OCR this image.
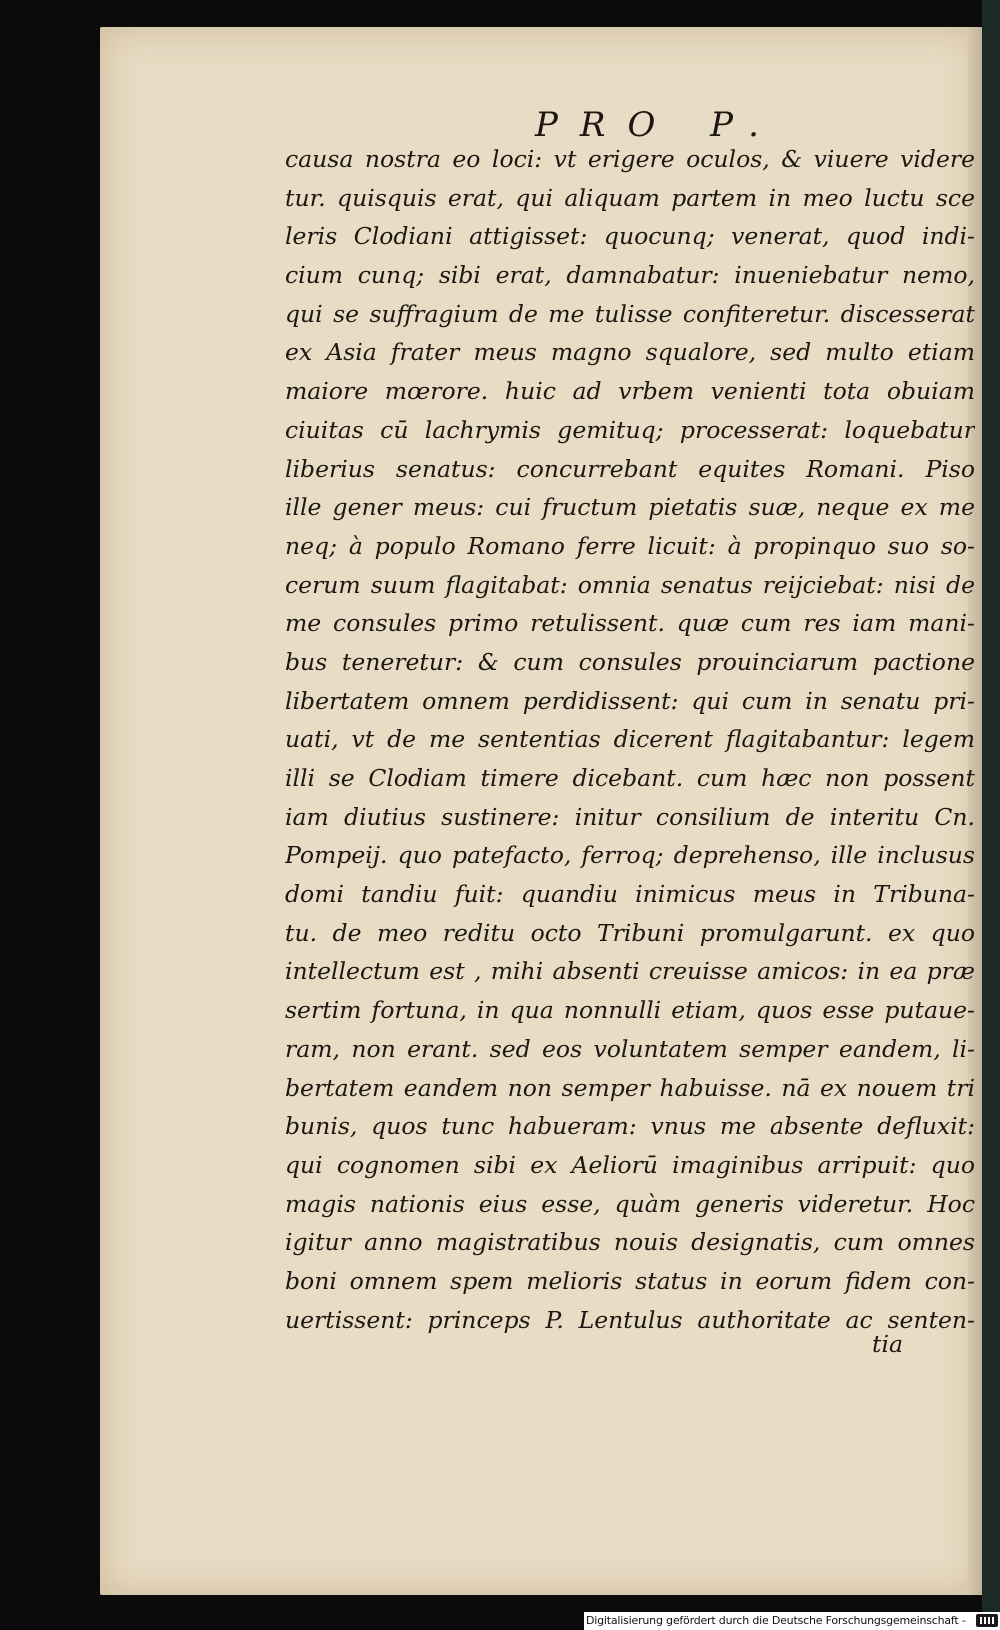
PRO P.
causa nostra eo loci: vt erigere oculos, & viuere videre
tur. quisquis erat, qui aliquam partem in meo luctu sce
leris Clodiani attigisset: quocunq; venerat, quod indi-
cium cunq; sibi erat, damnabatur: inueniebatur nemo,
qui se suffragium de me tulisse confiteretur. discesserat
ex Asia frater meus magno squalore, sed multo etiam
maiore mœrore. huic ad vrbem venienti tota obuiam
ciuitas cū lachrymis gemituq; processerat: loquebatur
liberius senatus: concurrebant equites Romani. Piso
ille gener meus: cui fructum pietatis suæ, neque ex me
neq; à populo Romano ferre licuit: à propinquo suo so-
cerum suum flagitabat: omnia senatus reijciebat: nisi de
me consules primo retulissent. quæ cum res iam mani-
bus teneretur: & cum consules prouinciarum pactione
libertatem omnem perdidissent: qui cum in senatu pri-
uati, vt de me sententias dicerent flagitabantur: legem
illi se Clodiam timere dicebant. cum hæc non possent
iam diutius sustinere: initur consilium de interitu Cn.
Pompeij. quo patefacto, ferroq; deprehenso, ille inclusus
domi tandiu fuit: quandiu inimicus meus in Tribuna-
tu. de meo reditu octo Tribuni promulgarunt. ex quo
intellectum est , mihi absenti creuisse amicos: in ea præ
sertim fortuna, in qua nonnulli etiam, quos esse putaue-
ram, non erant. sed eos voluntatem semper eandem, li-
bertatem eandem non semper habuisse. nā ex nouem tri
bunis, quos tunc habueram: vnus me absente defluxit:
qui cognomen sibi ex Aeliorū imaginibus arripuit: quo
magis nationis eius esse, quàm generis videretur. Hoc
igitur anno magistratibus nouis designatis, cum omnes
boni omnem spem melioris status in eorum fidem con-
uertissent: princeps P. Lentulus authoritate ac senten-
tia
Digitalisierung gefördert durch die Deutsche Forschungsgemeinschaft -
